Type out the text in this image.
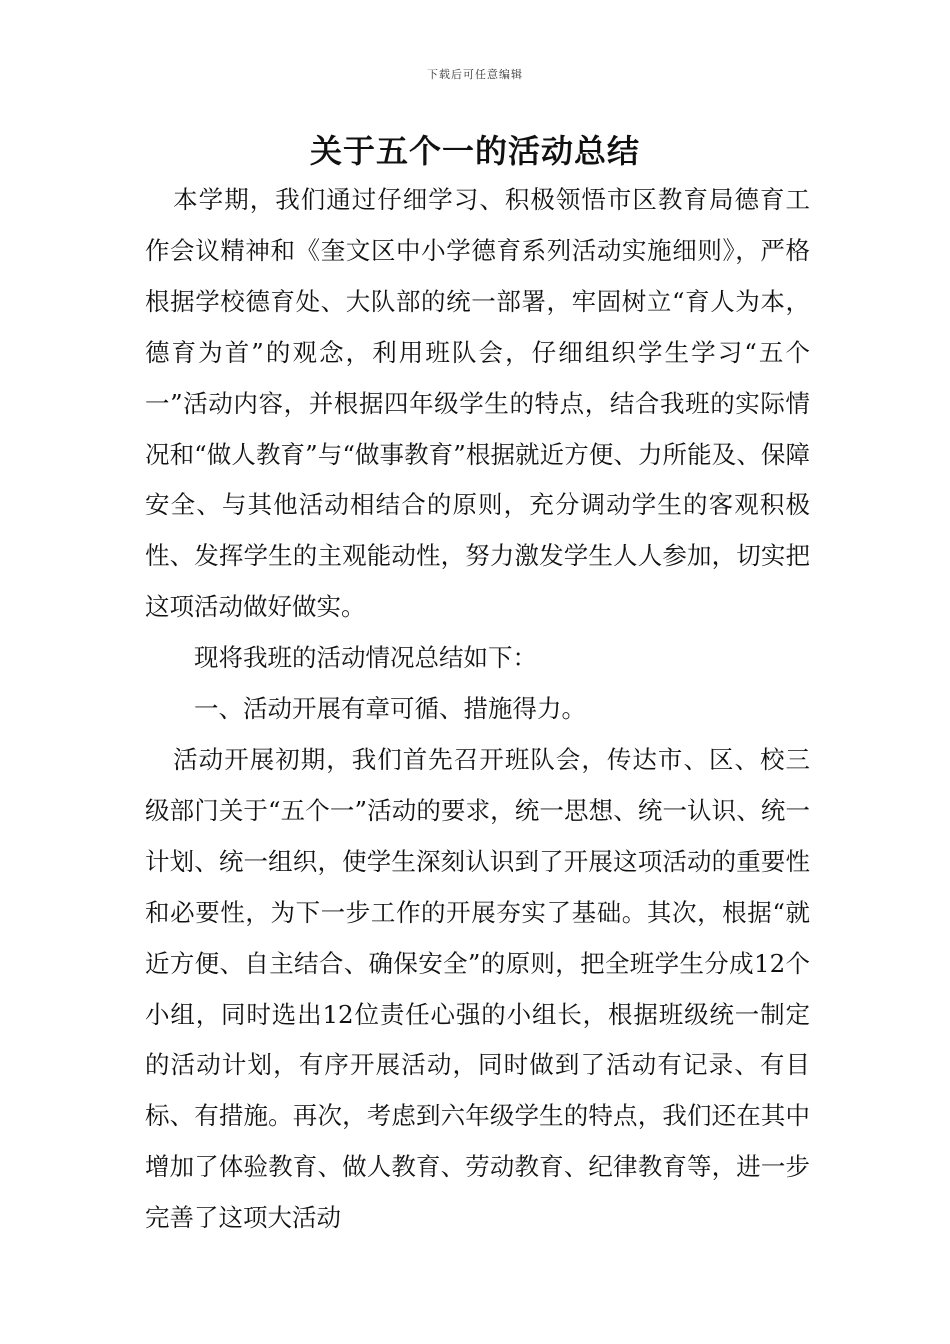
下载后可任意编辑
关于五个一的活动总结

本学期，我们通过仔细学习、积极领悟市区教育局德育工作会议精神和《奎文区中小学德育系列活动实施细则》，严格根据学校德育处、大队部的统一部署，牢固树立“育人为本，德育为首”的观念，利用班队会，仔细组织学生学习“五个一”活动内容，并根据四年级学生的特点，结合我班的实际情况和“做人教育”与“做事教育”根据就近方便、力所能及、保障安全、与其他活动相结合的原则，充分调动学生的客观积极性、发挥学生的主观能动性，努力激发学生人人参加，切实把这项活动做好做实。

现将我班的活动情况总结如下：

一、活动开展有章可循、措施得力。

活动开展初期，我们首先召开班队会，传达市、区、校三级部门关于“五个一”活动的要求，统一思想、统一认识、统一计划、统一组织，使学生深刻认识到了开展这项活动的重要性和必要性，为下一步工作的开展夯实了基础。其次，根据“就近方便、自主结合、确保安全”的原则，把全班学生分成12个小组，同时选出12位责任心强的小组长，根据班级统一制定的活动计划，有序开展活动，同时做到了活动有记录、有目标、有措施。再次，考虑到六年级学生的特点，我们还在其中增加了体验教育、做人教育、劳动教育、纪律教育等，进一步完善了这项大活动
